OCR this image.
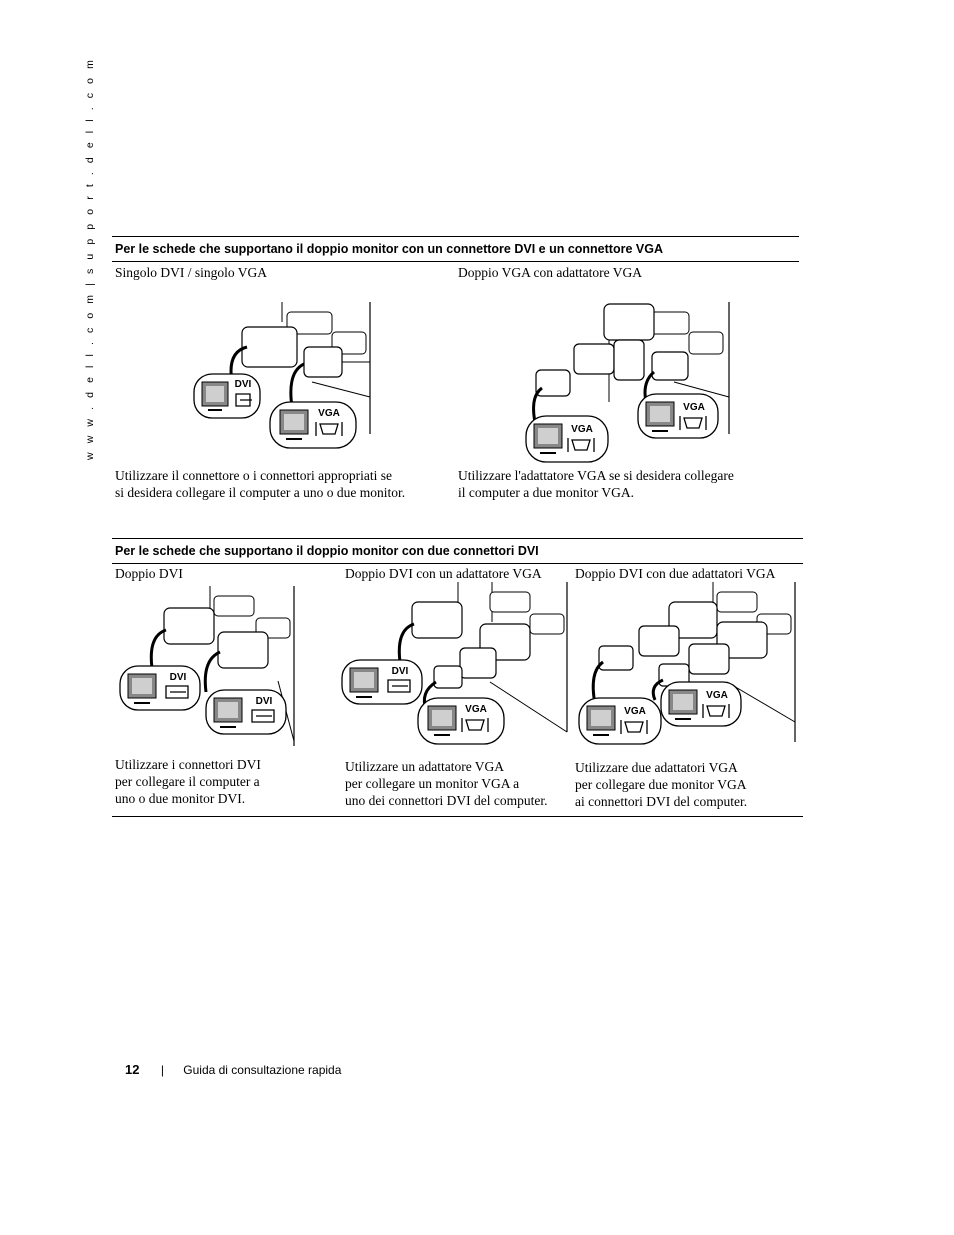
w w w . d e l l . c o m | s u p p o r t . d e l l . c o m Per le schede che supportano il doppio monitor con un connettore DVI e un connettore VGA
Singolo DVI / singolo VGA	Doppio VGA con adattatore VGA
DVI
VGA
VGA
VGA
Utilizzare il connettore o i connettori appropriati se
si desidera collegare il computer a uno o due monitor.
Utilizzare l'adattatore VGA se si desidera collegare
il computer a due monitor VGA.
Per le schede che supportano il doppio monitor con due connettori DVI
Doppio DVI	Doppio DVI con un adattatore VGA Doppio DVI con due adattatori VGA
DVI
DVI
DVI
VGA
VGA
VGA
Utilizzare i connettori DVI
per collegare il computer a
uno o due monitor DVI.
Utilizzare un adattatore VGA
per collegare un monitor VGA a
uno dei connettori DVI del computer.
Utilizzare due adattatori VGA
per collegare due monitor VGA
ai connettori DVI del computer.
12 | Guida di consultazione rapida
